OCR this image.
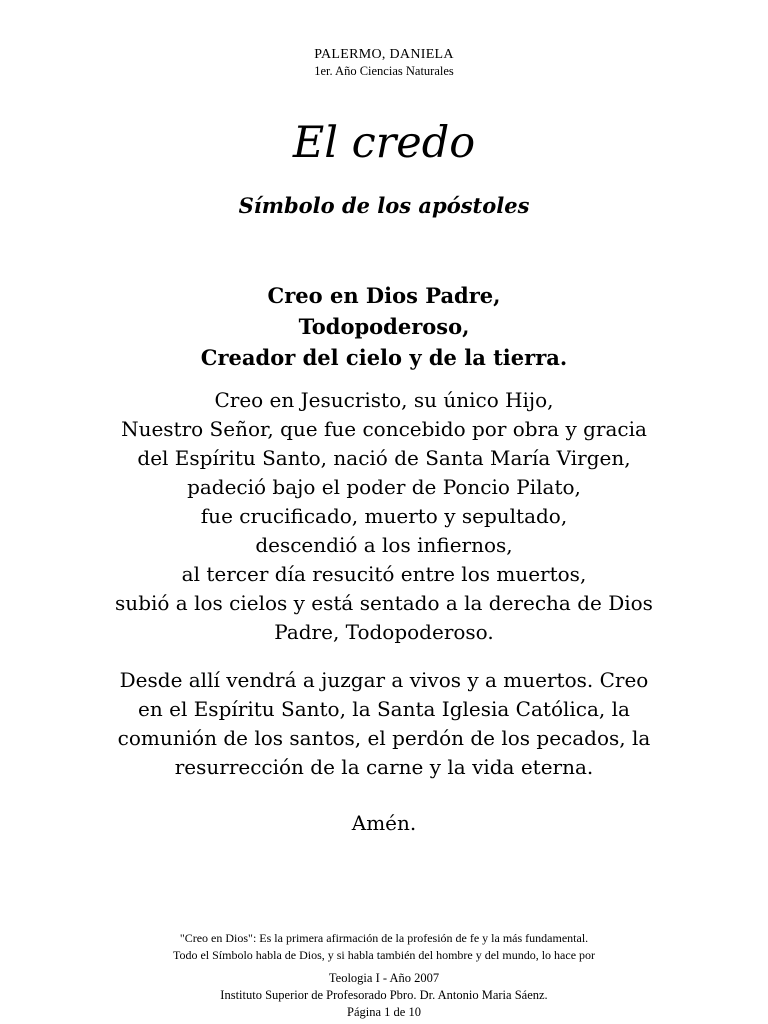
PALERMO, DANIELA
1er. Año Ciencias Naturales
El credo
Símbolo de los apóstoles
Creo en Dios Padre,
Todopoderoso,
Creador del cielo y de la tierra.
Creo en Jesucristo, su único Hijo,
Nuestro Señor, que fue concebido por obra y gracia
del Espíritu Santo, nació de Santa María Virgen,
padeció bajo el poder de Poncio Pilato,
fue crucificado, muerto y sepultado,
descendió a los infiernos,
al tercer día resucitó entre los muertos,
subió a los cielos y está sentado a la derecha de Dios
Padre, Todopoderoso.
Desde allí vendrá a juzgar a vivos y a muertos. Creo
en el Espíritu Santo, la Santa Iglesia Católica, la
comunión de los santos, el perdón de los pecados, la
resurrección de la carne y la vida eterna.
Amén.
"Creo en Dios": Es la primera afirmación de la profesión de fe y la más fundamental.
Todo el Símbolo habla de Dios, y si habla también del hombre y del mundo, lo hace por
Teologia I - Año 2007
Instituto Superior de Profesorado Pbro. Dr. Antonio Maria Sáenz.
Página 1 de 10
